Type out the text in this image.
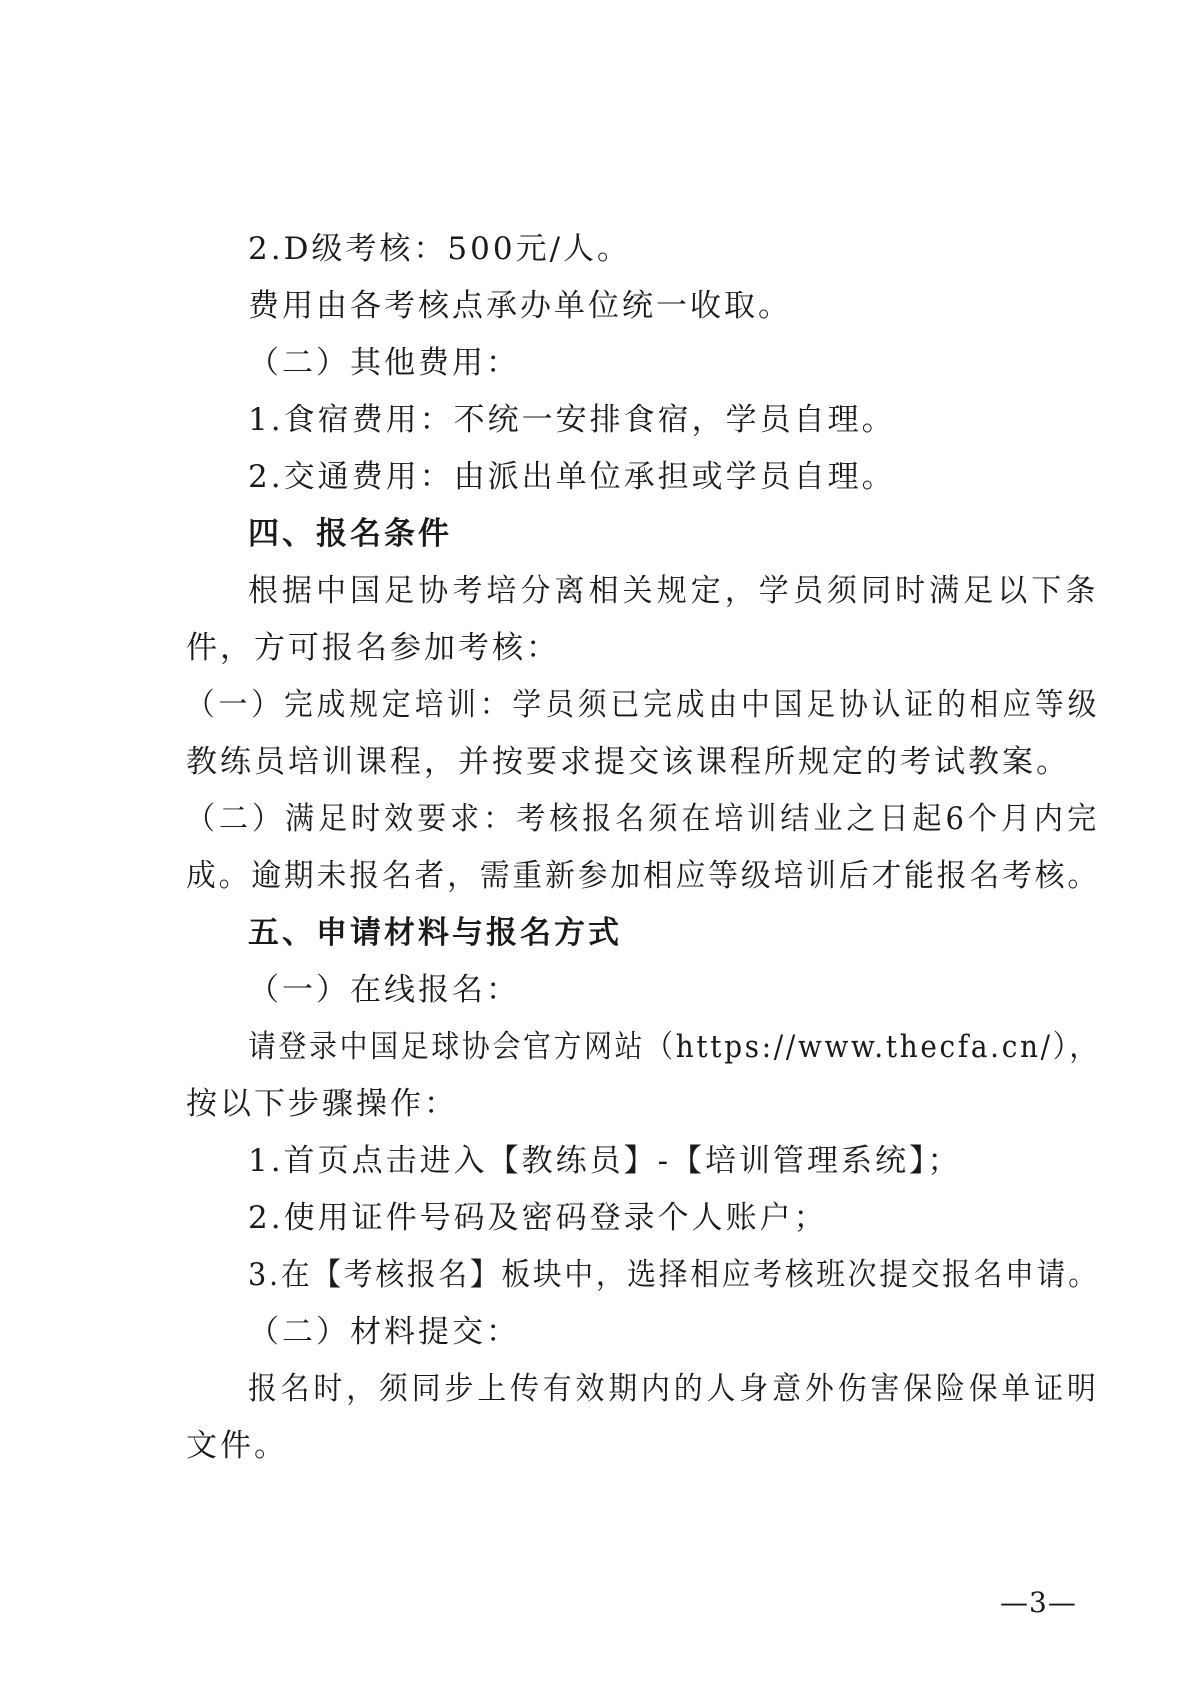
2.D级考核：500元/人。
费用由各考核点承办单位统一收取。
（二）其他费用：
1.食宿费用：不统一安排食宿，学员自理。
2.交通费用：由派出单位承担或学员自理。
四、报名条件
根据中国足协考培分离相关规定，学员须同时满足以下条
件，方可报名参加考核：
（一）完成规定培训：学员须已完成由中国足协认证的相应等级
教练员培训课程，并按要求提交该课程所规定的考试教案。
（二）满足时效要求：考核报名须在培训结业之日起6个月内完
成。逾期未报名者，需重新参加相应等级培训后才能报名考核。
五、申请材料与报名方式
（一）在线报名：
请登录中国足球协会官方网站（https://www.thecfa.cn/），
按以下步骤操作：
1.首页点击进入【教练员】-【培训管理系统】；
2.使用证件号码及密码登录个人账户；
3.在【考核报名】板块中，选择相应考核班次提交报名申请。
（二）材料提交：
报名时，须同步上传有效期内的人身意外伤害保险保单证明
文件。
—3—
